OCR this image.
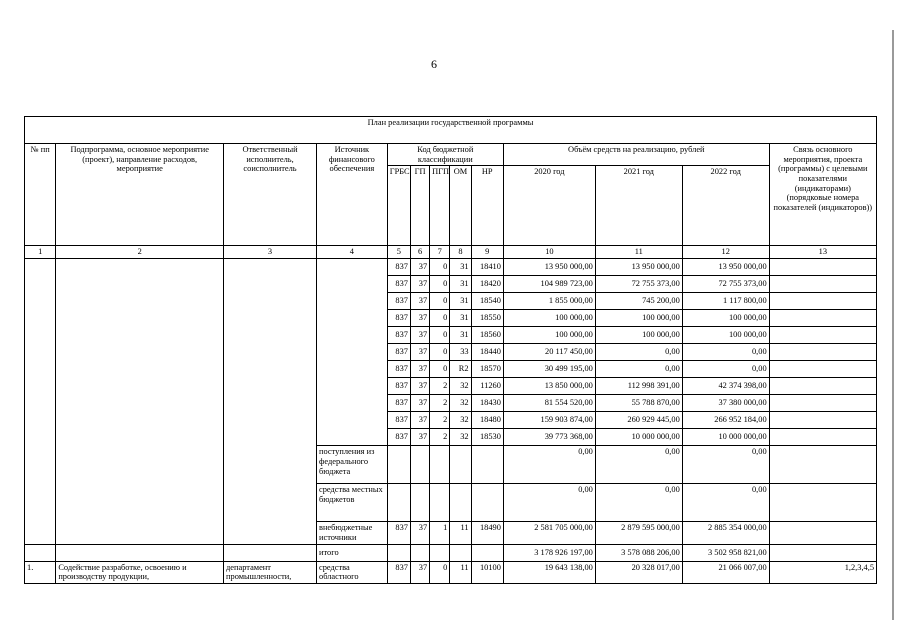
6
План реализации государственной программы												
№ пп	Подпрограмма, основное мероприятие (проект), направление расходов, мероприятие	Ответственный исполнитель, соисполнитель	Источник финансового обеспечения	Код бюджетной классификации					Объём средств на реализацию, рублей			Связь основного мероприятия, проекта (программы) с целевыми показателями (индикаторами) (порядковые номера показателей (индикаторов))
				ГРБС	ГП	ПГП	ОМ	НР	2020 год	2021 год	2022 год	
1	2	3	4	5	6	7	8	9	10	11	12	13
				837	37	0	31	18410	13 950 000,00	13 950 000,00	13 950 000,00	
				837	37	0	31	18420	104 989 723,00	72 755 373,00	72 755 373,00	
				837	37	0	31	18540	1 855 000,00	745 200,00	1 117 800,00	
				837	37	0	31	18550	100 000,00	100 000,00	100 000,00	
				837	37	0	31	18560	100 000,00	100 000,00	100 000,00	
				837	37	0	33	18440	20 117 450,00	0,00	0,00	
				837	37	0	R2	18570	30 499 195,00	0,00	0,00	
				837	37	2	32	11260	13 850 000,00	112 998 391,00	42 374 398,00	
				837	37	2	32	18430	81 554 520,00	55 788 870,00	37 380 000,00	
				837	37	2	32	18480	159 903 874,00	260 929 445,00	266 952 184,00	
				837	37	2	32	18530	39 773 368,00	10 000 000,00	10 000 000,00	
			поступления из федерального бюджета						0,00	0,00	0,00	
			средства местных бюджетов						0,00	0,00	0,00	
			внебюджетные источники	837	37	1	11	18490	2 581 705 000,00	2 879 595 000,00	2 885 354 000,00	
			итого						3 178 926 197,00	3 578 088 206,00	3 502 958 821,00	
1.	Содействие разработке, освоению и производству продукции,	департамент промышленности,	средства областного	837	37	0	11	10100	19 643 138,00	20 328 017,00	21 066 007,00	1,2,3,4,5
